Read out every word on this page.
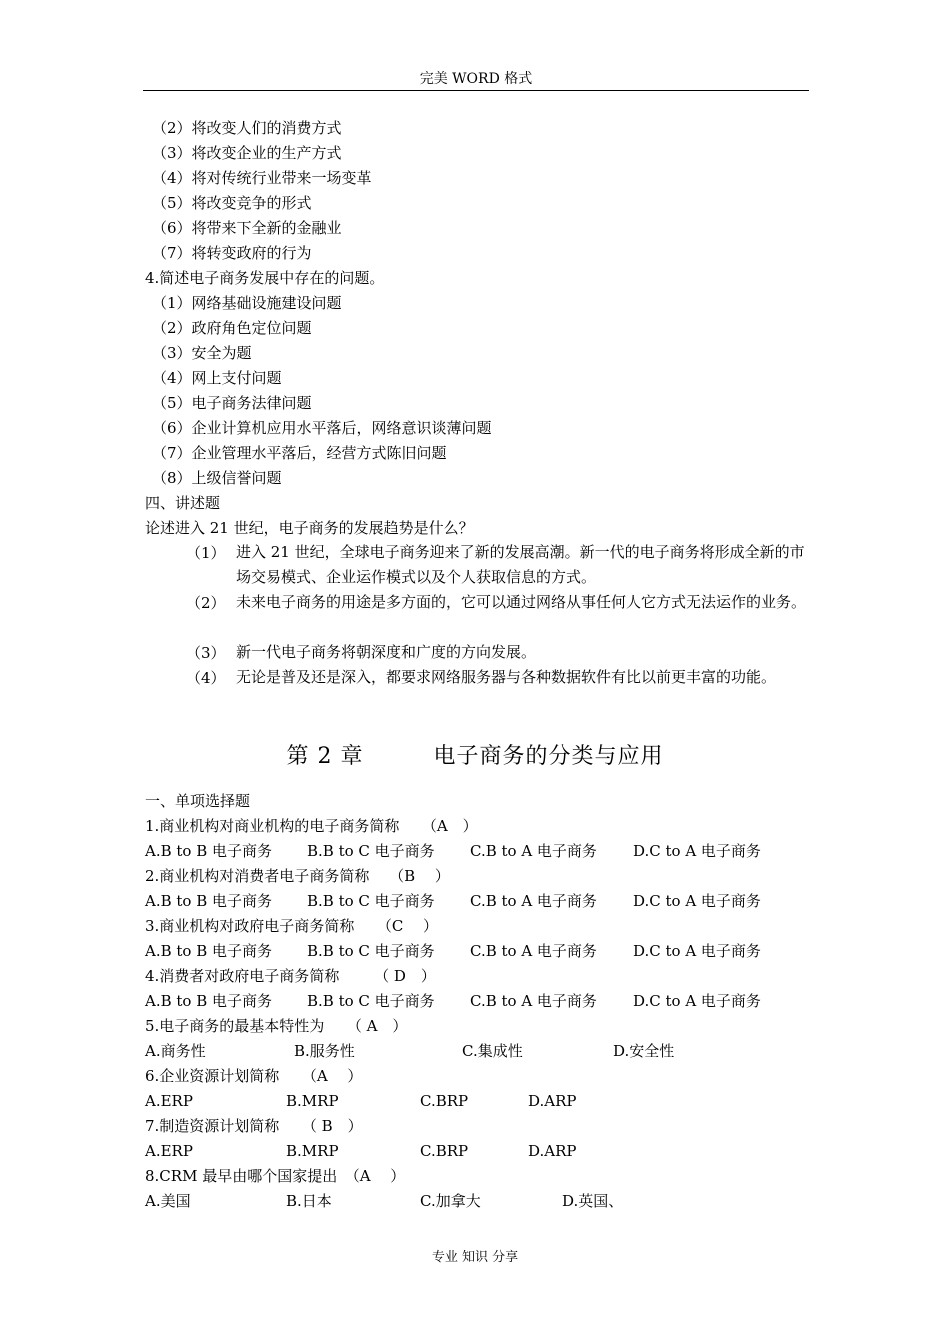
完美 WORD 格式
（2）将改变人们的消费方式
（3）将改变企业的生产方式
（4）将对传统行业带来一场变革
（5）将改变竞争的形式
（6）将带来下全新的金融业
（7）将转变政府的行为
4.简述电子商务发展中存在的问题。
（1）网络基础设施建设问题
（2）政府角色定位问题
（3）安全为题
（4）网上支付问题
（5）电子商务法律问题
（6）企业计算机应用水平落后，网络意识谈薄问题
（7）企业管理水平落后，经营方式陈旧问题
（8）上级信誉问题
四、讲述题
论述进入 21 世纪，电子商务的发展趋势是什么？
（1） 进入 21 世纪，全球电子商务迎来了新的发展高潮。新一代的电子商务将形成全新的市场交易模式、企业运作模式以及个人获取信息的方式。
（2） 未来电子商务的用途是多方面的，它可以通过网络从事任何人它方式无法运作的业务。
（3） 新一代电子商务将朝深度和广度的方向发展。
（4） 无论是普及还是深入，都要求网络服务器与各种数据软件有比以前更丰富的功能。
第 2 章	电子商务的分类与应用
一、单项选择题
1.商业机构对商业机构的电子商务简称　　（A　）
A.B to B 电子商务 B.B to C 电子商务 C.B to A 电子商务 D.C to A 电子商务
2.商业机构对消费者电子商务简称　 （B　 ）
A.B to B 电子商务 B.B to C 电子商务 C.B to A 电子商务 D.C to A 电子商务
3.商业机构对政府电子商务简称　　（C　 ）
A.B to B 电子商务 B.B to C 电子商务 C.B to A 电子商务 D.C to A 电子商务
4.消费者对政府电子商务简称　　 （ D　）
A.B to B 电子商务 B.B to C 电子商务 C.B to A 电子商务 D.C to A 电子商务
5.电子商务的最基本特性为　　（ A　）
A.商务性	B.服务性	C.集成性	D.安全性
6.企业资源计划简称　　（A　 ）
A.ERP	B.MRP	C.BRP	D.ARP
7.制造资源计划简称　　（ B　）
A.ERP	B.MRP	C.BRP	D.ARP
8.CRM 最早由哪个国家提出　（A　 ）
A.美国	B.日本	C.加拿大	D.英国、
专业 知识 分享
